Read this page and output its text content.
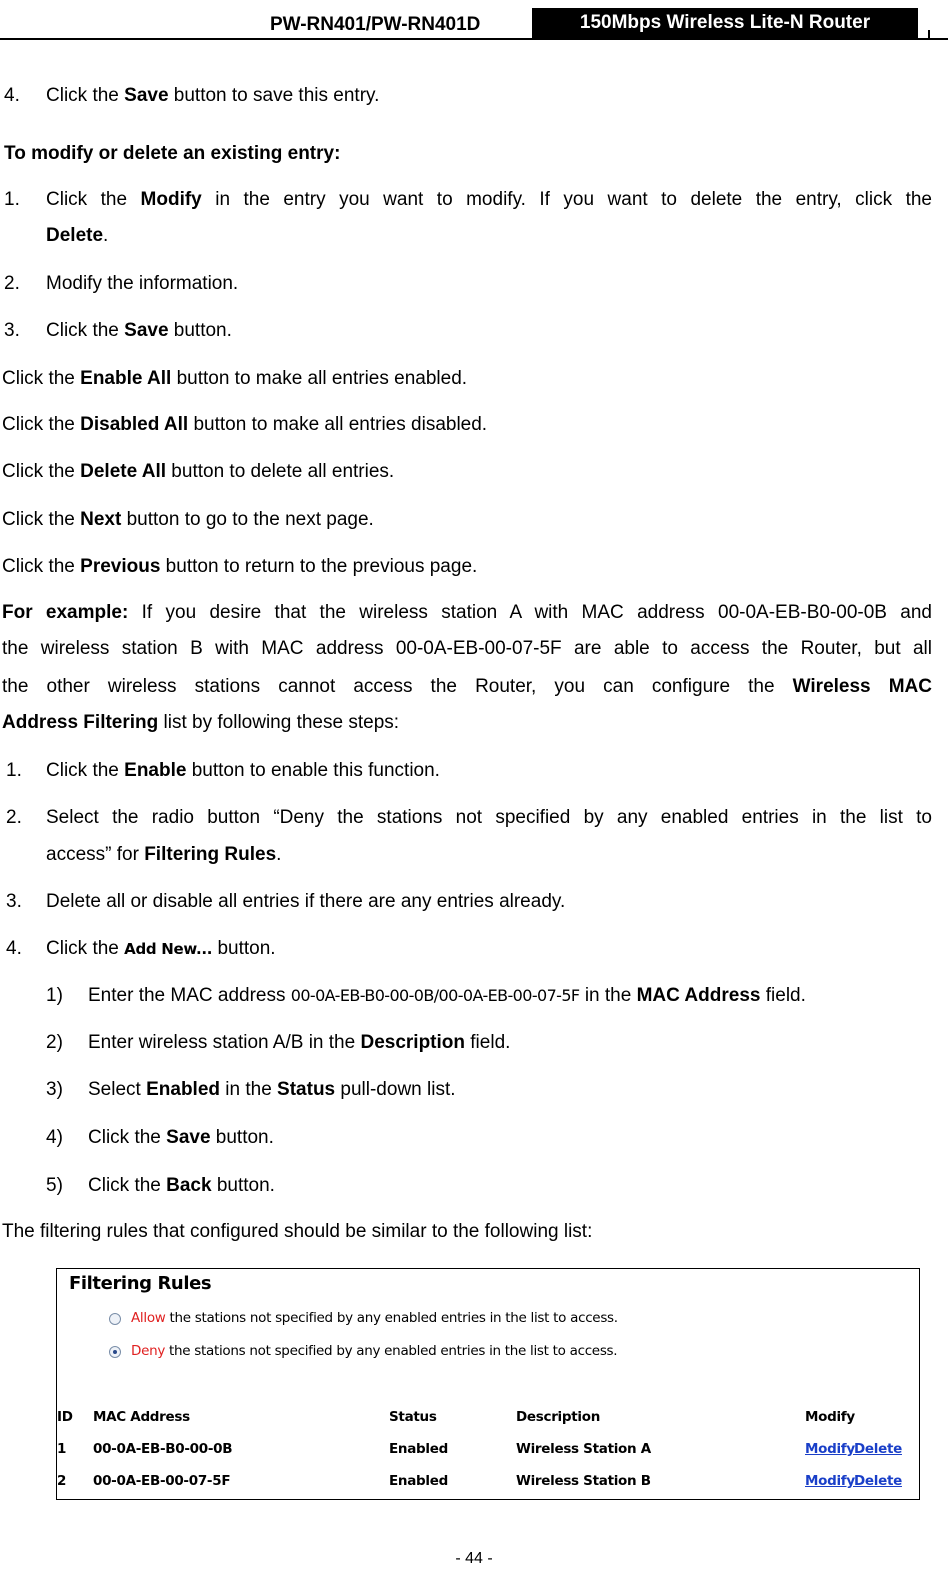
PW-RN401/PW-RN401D	150Mbps Wireless Lite-N Router
4. Click the Save button to save this entry.
To modify or delete an existing entry:
1. Click the Modify in the entry you want to modify. If you want to delete the entry, click the
Delete.
2. Modify the information.
3. Click the Save button.
Click the Enable All button to make all entries enabled.
Click the Disabled All button to make all entries disabled.
Click the Delete All button to delete all entries.
Click the Next button to go to the next page.
Click the Previous button to return to the previous page.
For example: If you desire that the wireless station A with MAC address 00-0A-EB-B0-00-0B and
the wireless station B with MAC address 00-0A-EB-00-07-5F are able to access the Router, but all
the other wireless stations cannot access the Router, you can configure the Wireless MAC
Address Filtering list by following these steps:
1. Click the Enable button to enable this function.
2. Select the radio button “Deny the stations not specified by any enabled entries in the list to
access” for Filtering Rules.
3. Delete all or disable all entries if there are any entries already.
4. Click the Add New... button.
1) Enter the MAC address 00-0A-EB-B0-00-0B/00-0A-EB-00-07-5F in the MAC Address field.
2) Enter wireless station A/B in the Description field.
3) Select Enabled in the Status pull-down list.
4) Click the Save button.
5) Click the Back button.
The filtering rules that configured should be similar to the following list:
Filtering Rules
Allow the stations not specified by any enabled entries in the list to access.
Deny the stations not specified by any enabled entries in the list to access.
ID MAC Address	Status	Description	Modify
1 00-0A-EB-B0-00-0B	Enabled	Wireless Station A	Modify Delete
2 00-0A-EB-00-07-5F	Enabled	Wireless Station B	Modify Delete
- 44 -
